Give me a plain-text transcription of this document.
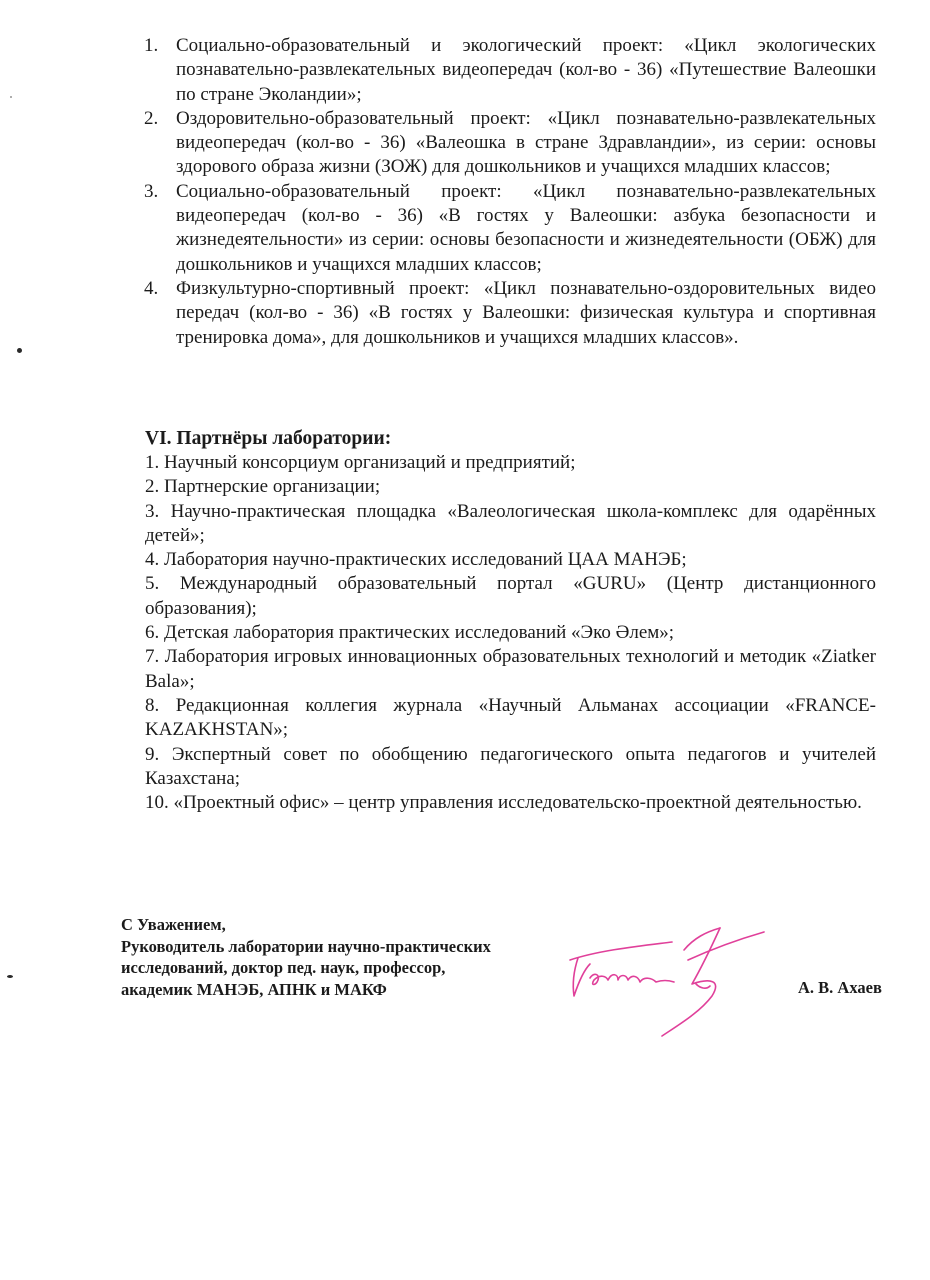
1. Социально-образовательный и экологический проект: «Цикл экологических познавательно-развлекательных видеопередач (кол-во - 36) «Путешествие Валеошки по стране Эколандии»;
2. Оздоровительно-образовательный проект: «Цикл познавательно-развлекательных видеопередач (кол-во - 36) «Валеошка в стране Здравландии», из серии: основы здорового образа жизни (ЗОЖ) для дошкольников и учащихся младших классов;
3. Социально-образовательный проект: «Цикл познавательно-развлекательных видеопередач (кол-во - 36) «В гостях у Валеошки: азбука безопасности и жизнедеятельности» из серии: основы безопасности и жизнедеятельности (ОБЖ) для дошкольников и учащихся младших классов;
4. Физкультурно-спортивный проект: «Цикл познавательно-оздоровительных видео передач (кол-во - 36) «В гостях у Валеошки: физическая культура и спортивная тренировка дома», для дошкольников и учащихся младших классов».
VI. Партнёры лаборатории:
1. Научный консорциум организаций и предприятий;
2. Партнерские организации;
3. Научно-практическая площадка «Валеологическая школа-комплекс для одарённых детей»;
4. Лаборатория научно-практических исследований ЦАА МАНЭБ;
5. Международный образовательный портал «GURU» (Центр дистанционного образования);
6. Детская лаборатория практических исследований «Эко Әлем»;
7. Лаборатория игровых инновационных образовательных технологий и методик «Ziatker Bala»;
8. Редакционная коллегия журнала «Научный Альманах ассоциации «FRANCE-KAZAKHSTAN»;
9. Экспертный совет по обобщению педагогического опыта педагогов и учителей Казахстана;
10. «Проектный офис» – центр управления исследовательско-проектной деятельностью.
С Уважением,
Руководитель лаборатории научно-практических
исследований, доктор пед. наук, профессор,
академик МАНЭБ, АПНК и МАКФ	А. В. Ахаев
